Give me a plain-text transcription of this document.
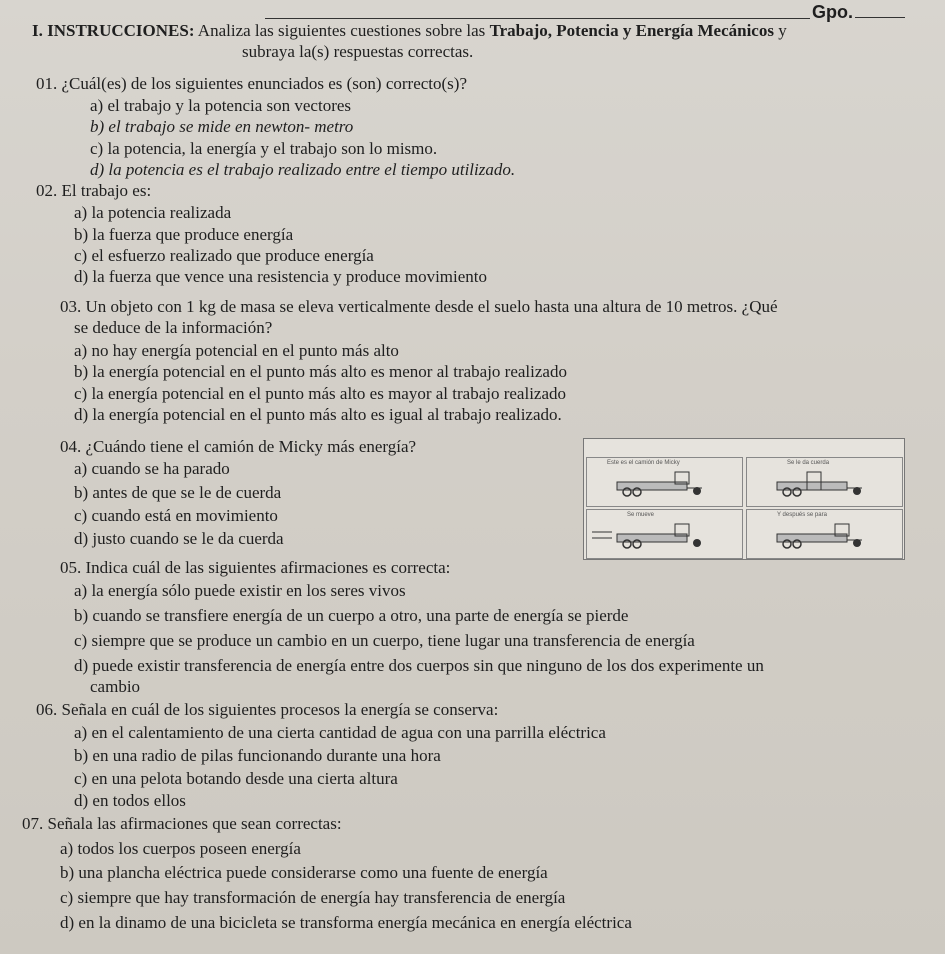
Gpo.
I. INSTRUCCIONES: Analiza las siguientes cuestiones sobre las Trabajo, Potencia y Energía Mecánicos y
subraya la(s) respuestas correctas.
01. ¿Cuál(es) de los siguientes enunciados es (son) correcto(s)?
a) el trabajo y la potencia son vectores
b) el trabajo se mide en newton- metro
c) la potencia, la energía y el trabajo son lo mismo.
d) la potencia es el trabajo realizado entre el tiempo utilizado.
02. El trabajo es:
a) la potencia realizada
b) la fuerza que produce energía
c) el esfuerzo realizado que produce energía
d) la fuerza que vence una resistencia y produce movimiento
03. Un objeto con 1 kg de masa se eleva verticalmente desde el suelo hasta una altura de 10 metros. ¿Qué
se deduce de la información?
a) no hay energía potencial en el punto más alto
b) la energía potencial en el punto más alto es menor al trabajo realizado
c) la energía potencial en el punto más alto es mayor al trabajo realizado
d) la energía potencial en el punto más alto es igual al trabajo realizado.
04. ¿Cuándo tiene el camión de Micky más energía?
a) cuando se ha parado
b) antes de que se le de cuerda
c) cuando está en movimiento
d) justo cuando se le da cuerda
Este es el camión de Micky	Se le da cuerda
Se mueve	Y después se para
05. Indica cuál de las siguientes afirmaciones es correcta:
a) la energía sólo puede existir en los seres vivos
b) cuando se transfiere energía de un cuerpo a otro, una parte de energía se pierde
c) siempre que se produce un cambio en un cuerpo, tiene lugar una transferencia de energía
d) puede existir transferencia de energía entre dos cuerpos sin que ninguno de los dos experimente un
cambio
06. Señala en cuál de los siguientes procesos la energía se conserva:
a) en el calentamiento de una cierta cantidad de agua con una parrilla eléctrica
b) en una radio de pilas funcionando durante una hora
c) en una pelota botando desde una cierta altura
d) en todos ellos
07. Señala las afirmaciones que sean correctas:
a) todos los cuerpos poseen energía
b) una plancha eléctrica puede considerarse como una fuente de energía
c) siempre que hay transformación de energía hay transferencia de energía
d) en la dinamo de una bicicleta se transforma energía mecánica en energía eléctrica
